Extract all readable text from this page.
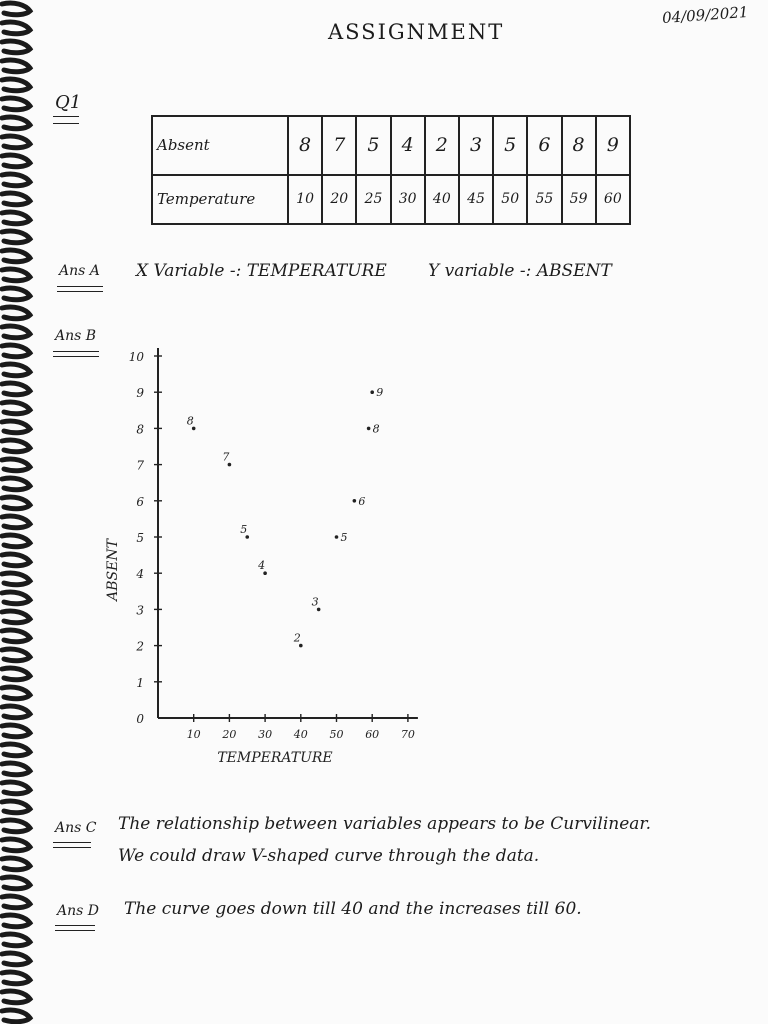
04/09/2021
ASSIGNMENT
Q1
Absent	8	7	5	4	2	3	5	6	8	9
Temperature	10	20	25	30	40	45	50	55	59	60
Ans A X Variable -: TEMPERATURE Y variable -: ABSENT
Ans B
0
1
2
3
4
5
6
7
8
9
10
10 20 30 40 50 60 70
8
7
5
4
2
3
5
6
8
9
TEMPERATURE
ABSENT
Ans C The relationship between variables appears to be Curvilinear.
We could draw V-shaped curve through the data.
Ans D The curve goes down till 40 and the increases till 60.
